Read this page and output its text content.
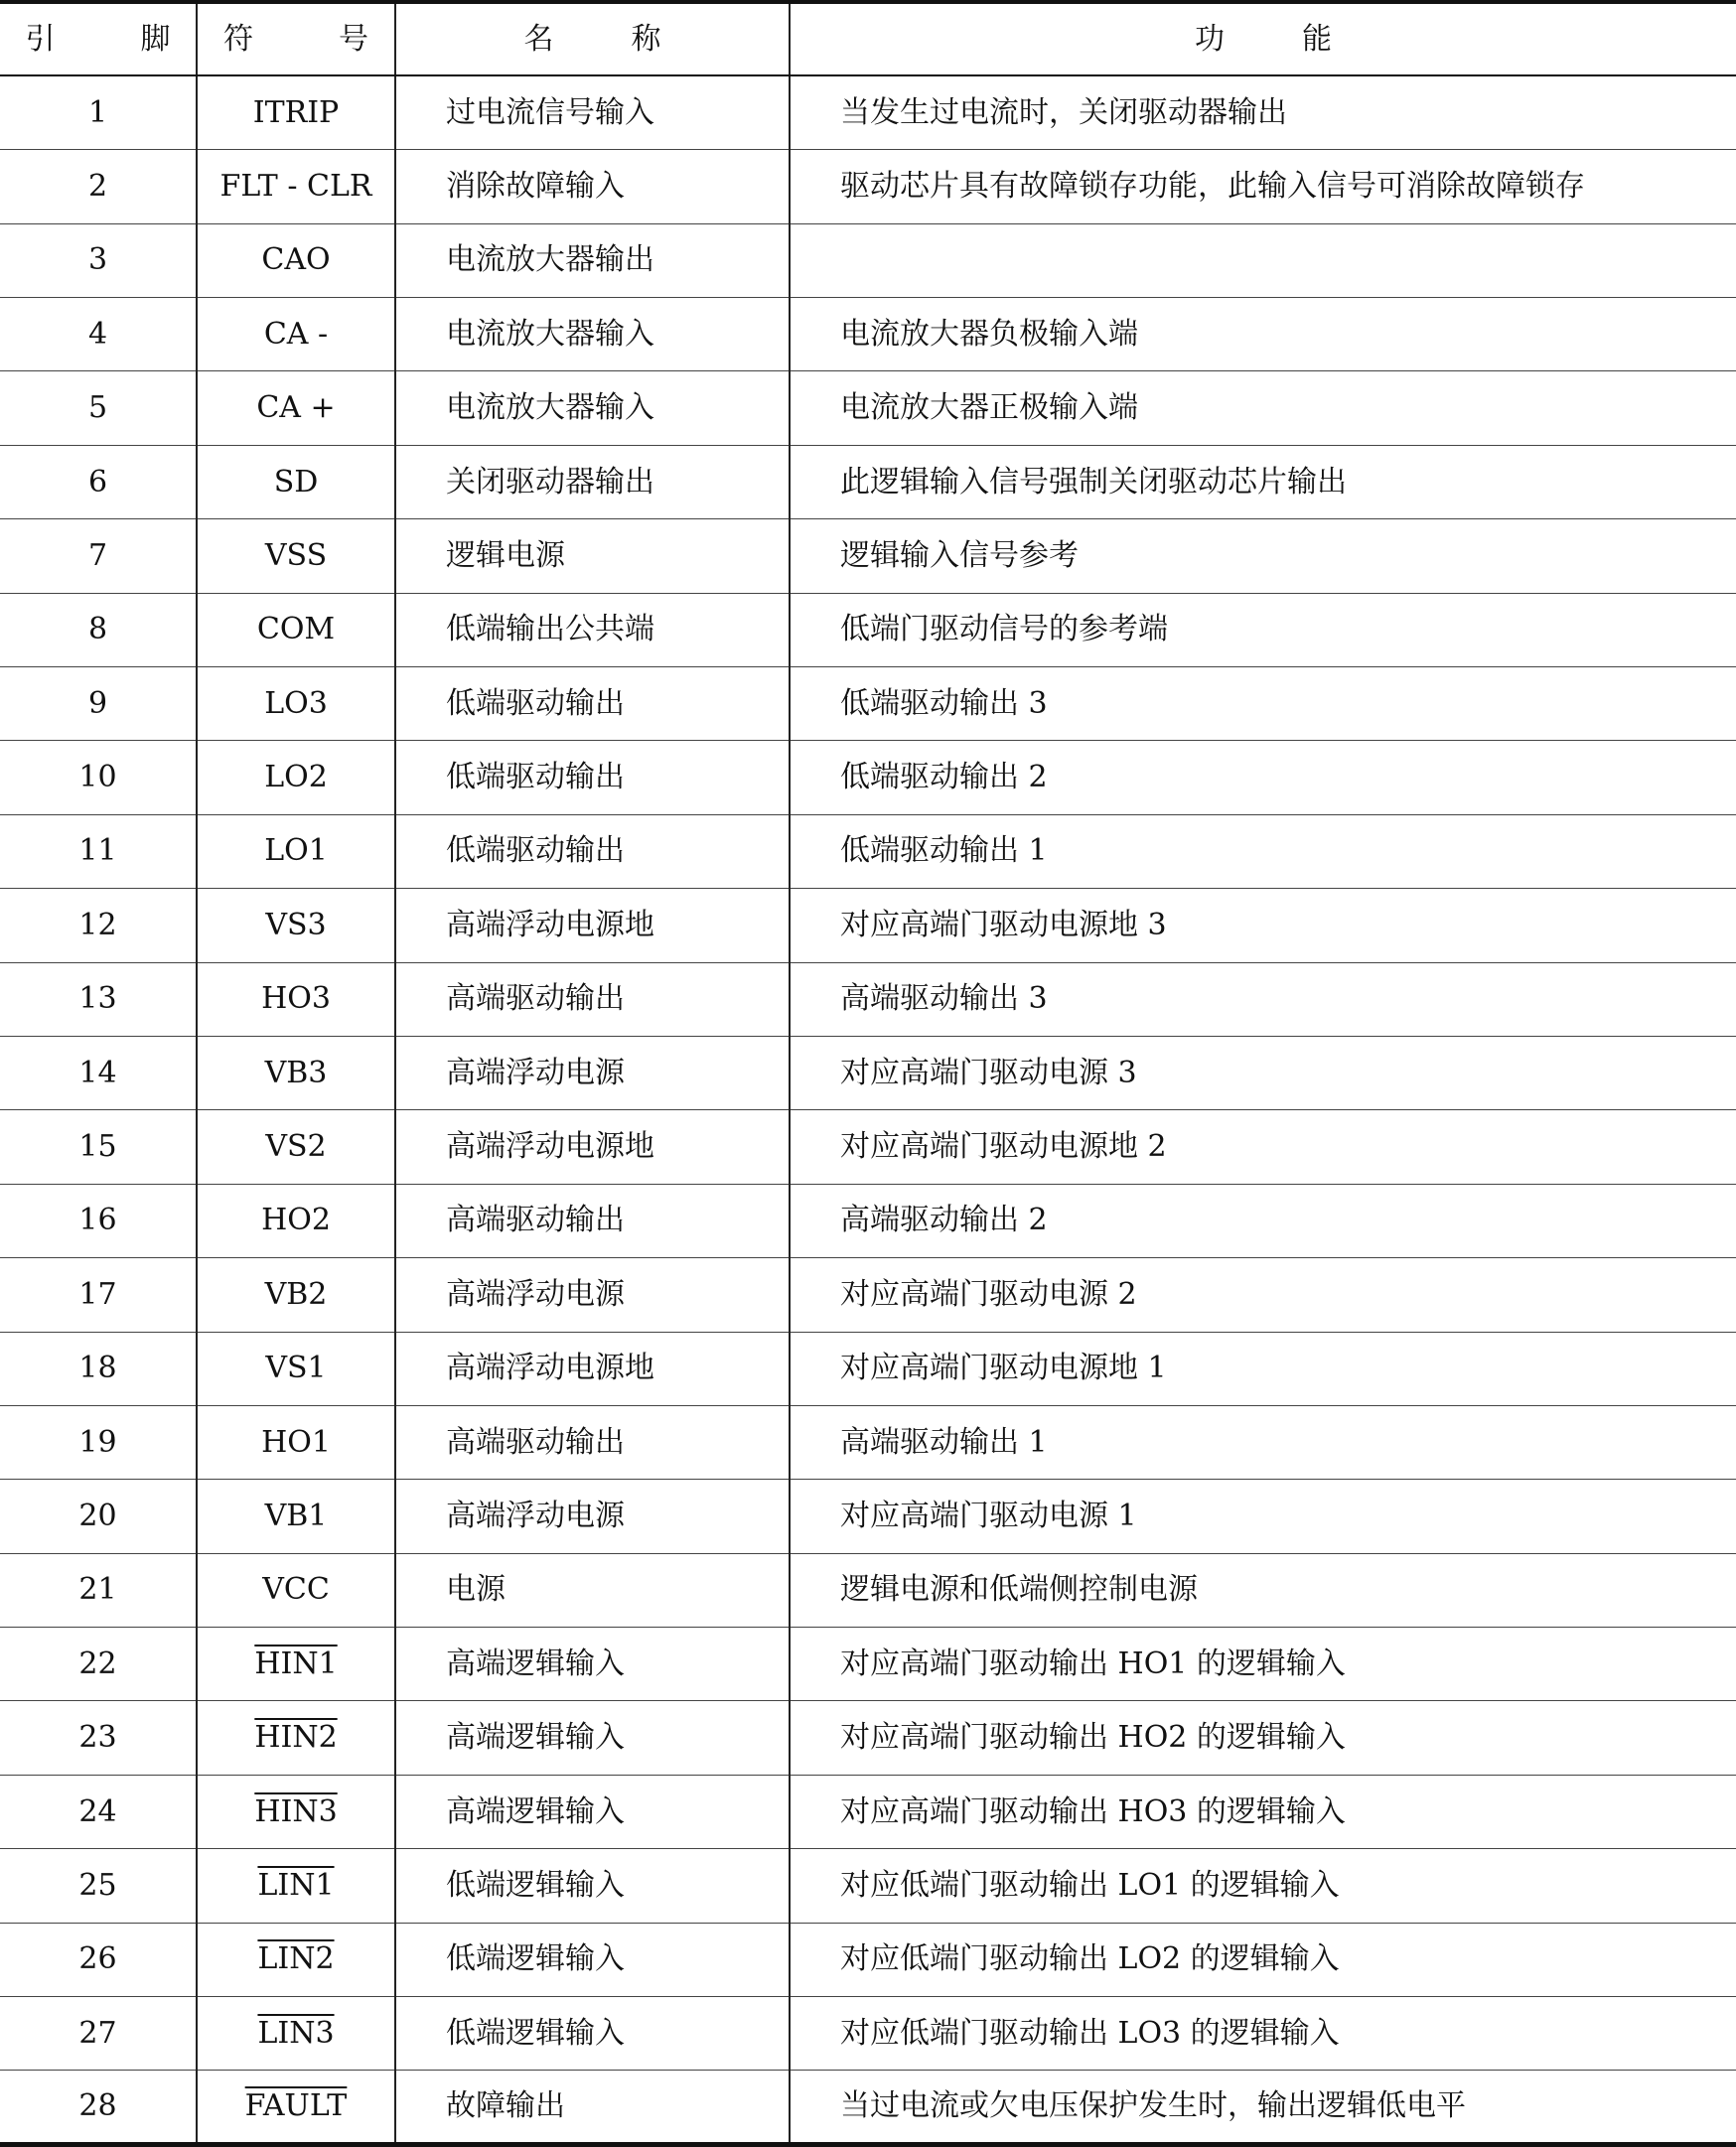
引 脚	符 号	名 称	功 能
1	ITRIP	过电流信号输入	当发生过电流时，关闭驱动器输出
2	FLT - CLR	消除故障输入	驱动芯片具有故障锁存功能，此输入信号可消除故障锁存
3	CAO	电流放大器输出	
4	CA -	电流放大器输入	电流放大器负极输入端
5	CA +	电流放大器输入	电流放大器正极输入端
6	SD	关闭驱动器输出	此逻辑输入信号强制关闭驱动芯片输出
7	VSS	逻辑电源	逻辑输入信号参考
8	COM	低端输出公共端	低端门驱动信号的参考端
9	LO3	低端驱动输出	低端驱动输出 3
10	LO2	低端驱动输出	低端驱动输出 2
11	LO1	低端驱动输出	低端驱动输出 1
12	VS3	高端浮动电源地	对应高端门驱动电源地 3
13	HO3	高端驱动输出	高端驱动输出 3
14	VB3	高端浮动电源	对应高端门驱动电源 3
15	VS2	高端浮动电源地	对应高端门驱动电源地 2
16	HO2	高端驱动输出	高端驱动输出 2
17	VB2	高端浮动电源	对应高端门驱动电源 2
18	VS1	高端浮动电源地	对应高端门驱动电源地 1
19	HO1	高端驱动输出	高端驱动输出 1
20	VB1	高端浮动电源	对应高端门驱动电源 1
21	VCC	电源	逻辑电源和低端侧控制电源
22	HIN1	高端逻辑输入	对应高端门驱动输出 HO1 的逻辑输入
23	HIN2	高端逻辑输入	对应高端门驱动输出 HO2 的逻辑输入
24	HIN3	高端逻辑输入	对应高端门驱动输出 HO3 的逻辑输入
25	LIN1	低端逻辑输入	对应低端门驱动输出 LO1 的逻辑输入
26	LIN2	低端逻辑输入	对应低端门驱动输出 LO2 的逻辑输入
27	LIN3	低端逻辑输入	对应低端门驱动输出 LO3 的逻辑输入
28	FAULT	故障输出	当过电流或欠电压保护发生时，输出逻辑低电平
